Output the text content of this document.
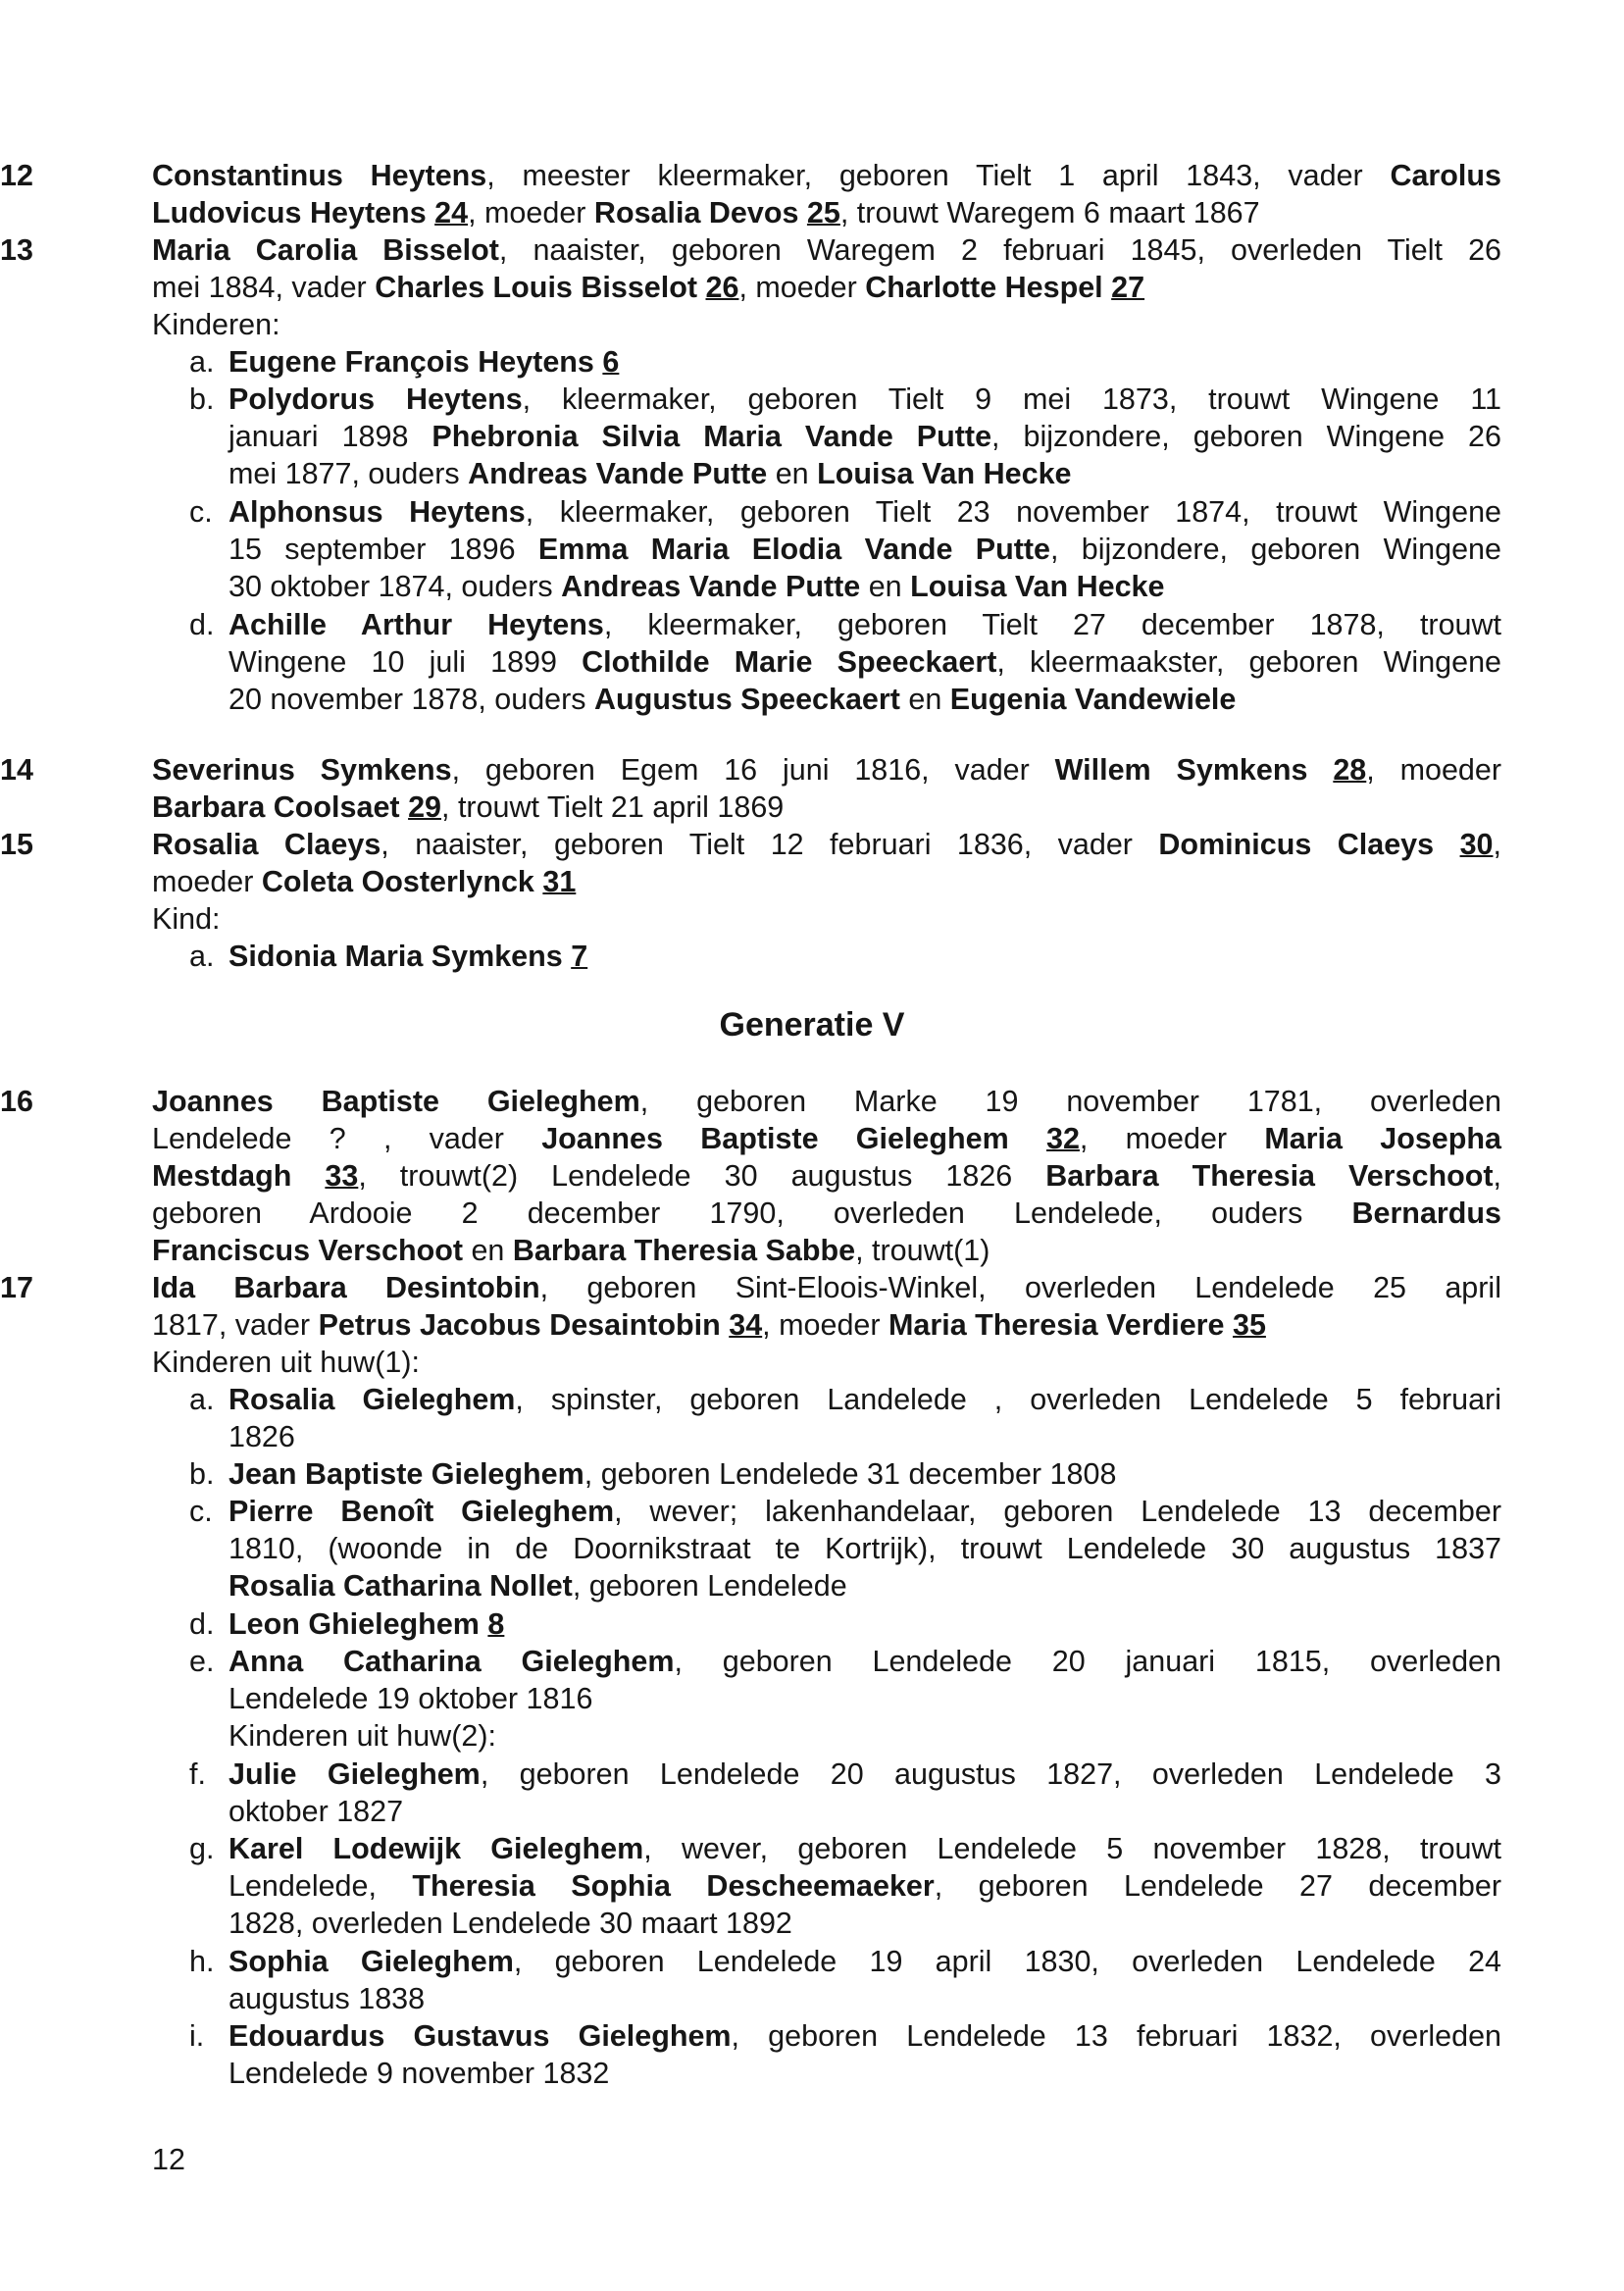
12	Constantinus Heytens, meester kleermaker, geboren Tielt 1 april 1843, vader Carolus
Ludovicus Heytens 24, moeder Rosalia Devos 25, trouwt Waregem 6 maart 1867
13	Maria Carolia Bisselot, naaister, geboren Waregem 2 februari 1845, overleden Tielt 26
mei 1884, vader Charles Louis Bisselot 26, moeder Charlotte Hespel 27
Kinderen:
a. Eugene François Heytens 6
b. Polydorus Heytens, kleermaker, geboren Tielt 9 mei 1873, trouwt Wingene 11
januari 1898 Phebronia Silvia Maria Vande Putte, bijzondere, geboren Wingene 26
mei 1877, ouders Andreas Vande Putte en Louisa Van Hecke
c. Alphonsus Heytens, kleermaker, geboren Tielt 23 november 1874, trouwt Wingene
15 september 1896 Emma Maria Elodia Vande Putte, bijzondere, geboren Wingene
30 oktober 1874, ouders Andreas Vande Putte en Louisa Van Hecke
d. Achille Arthur Heytens, kleermaker, geboren Tielt 27 december 1878, trouwt
Wingene 10 juli 1899 Clothilde Marie Speeckaert, kleermaakster, geboren Wingene
20 november 1878, ouders Augustus Speeckaert en Eugenia Vandewiele
14	Severinus Symkens, geboren Egem 16 juni 1816, vader Willem Symkens 28, moeder
Barbara Coolsaet 29, trouwt Tielt 21 april 1869
15	Rosalia Claeys, naaister, geboren Tielt 12 februari 1836, vader Dominicus Claeys 30,
moeder Coleta Oosterlynck 31
Kind:
a. Sidonia Maria Symkens 7
Generatie V
16	Joannes Baptiste Gieleghem, geboren Marke 19 november 1781, overleden
Lendelede ? , vader Joannes Baptiste Gieleghem 32, moeder Maria Josepha
Mestdagh 33, trouwt(2) Lendelede 30 augustus 1826 Barbara Theresia Verschoot,
geboren Ardooie 2 december 1790, overleden Lendelede, ouders Bernardus
Franciscus Verschoot en Barbara Theresia Sabbe, trouwt(1)
17	Ida Barbara Desintobin, geboren Sint-Eloois-Winkel, overleden Lendelede 25 april
1817, vader Petrus Jacobus Desaintobin 34, moeder Maria Theresia Verdiere 35
Kinderen uit huw(1):
a. Rosalia Gieleghem, spinster, geboren Landelede , overleden Lendelede 5 februari
1826
b. Jean Baptiste Gieleghem, geboren Lendelede 31 december 1808
c. Pierre Benoît Gieleghem, wever; lakenhandelaar, geboren Lendelede 13 december
1810, (woonde in de Doornikstraat te Kortrijk), trouwt Lendelede 30 augustus 1837
Rosalia Catharina Nollet, geboren Lendelede
d. Leon Ghieleghem 8
e. Anna Catharina Gieleghem, geboren Lendelede 20 januari 1815, overleden
Lendelede 19 oktober 1816
Kinderen uit huw(2):
f. Julie Gieleghem, geboren Lendelede 20 augustus 1827, overleden Lendelede 3
oktober 1827
g. Karel Lodewijk Gieleghem, wever, geboren Lendelede 5 november 1828, trouwt
Lendelede, Theresia Sophia Descheemaeker, geboren Lendelede 27 december
1828, overleden Lendelede 30 maart 1892
h. Sophia Gieleghem, geboren Lendelede 19 april 1830, overleden Lendelede 24
augustus 1838
i. Edouardus Gustavus Gieleghem, geboren Lendelede 13 februari 1832, overleden
Lendelede 9 november 1832
12
